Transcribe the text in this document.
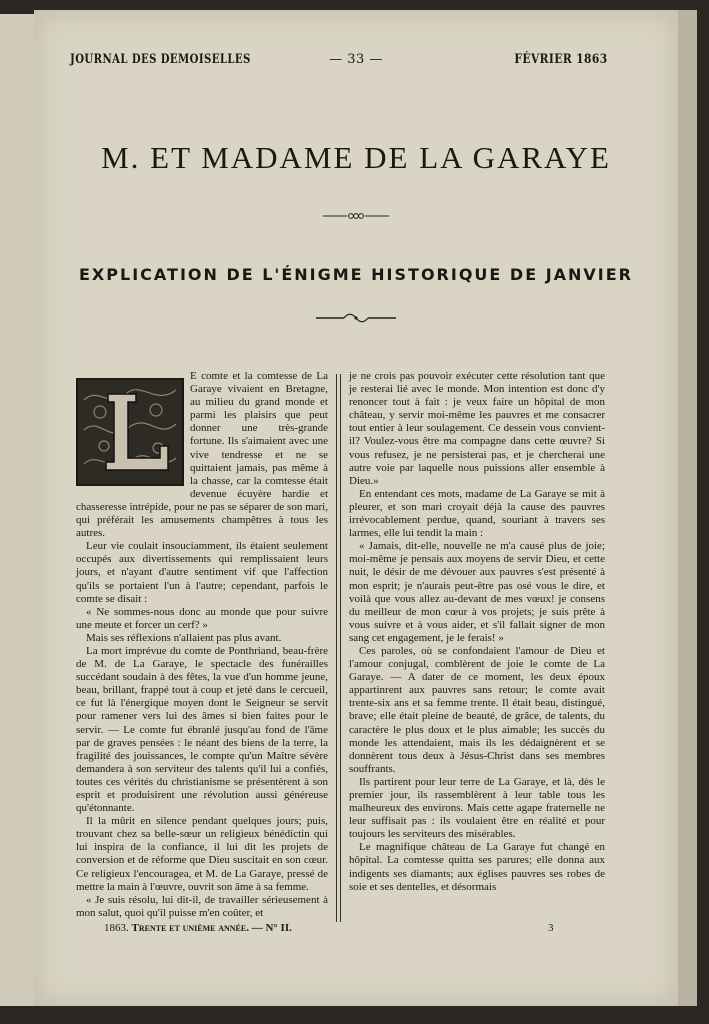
JOURNAL DES DEMOISELLES	— 33 —	FÉVRIER 1863
M. ET MADAME DE LA GARAYE
EXPLICATION DE L'ÉNIGME HISTORIQUE DE JANVIER
L

E comte et la comtesse de La Garaye vivaient en Bretagne, au milieu du grand monde et parmi les plaisirs que peut donner une très-grande fortune. Ils s'aimaient avec une vive tendresse et ne se quittaient jamais, pas même à la chasse, car la comtesse était devenue écuyère hardie et chasseresse intrépide, pour ne pas se séparer de son mari, qui préférait les amusements champêtres à tous les autres.

Leur vie coulait insouciamment, ils étaient seulement occupés aux divertissements qui remplissaient leurs jours, et n'ayant d'autre sentiment vif que l'affection qu'ils se portaient l'un à l'autre; cependant, parfois le comte se disait :

« Ne sommes-nous donc au monde que pour suivre une meute et forcer un cerf? »

Mais ses réflexions n'allaient pas plus avant.

La mort imprévue du comte de Ponthriand, beau-frère de M. de La Garaye, le spectacle des funérailles succédant soudain à des fêtes, la vue d'un homme jeune, beau, brillant, frappé tout à coup et jeté dans le cercueil, ce fut là l'énergique moyen dont le Seigneur se servit pour ramener vers lui des âmes si bien faites pour le servir. — Le comte fut ébranlé jusqu'au fond de l'âme par de graves pensées : le néant des biens de la terre, la fragilité des jouissances, le compte qu'un Maître sévère demandera à son serviteur des talents qu'il lui a confiés, toutes ces vérités du christianisme se présentèrent à son esprit et produisirent une révolution aussi généreuse qu'étonnante.

Il la mûrit en silence pendant quelques jours; puis, trouvant chez sa belle-sœur un religieux bénédictin qui lui inspira de la confiance, il lui dit les projets de conversion et de réforme que Dieu suscitait en son cœur. Ce religieux l'encouragea, et M. de La Garaye, pressé de mettre la main à l'œuvre, ouvrit son âme à sa femme.

« Je suis résolu, lui dit-il, de travailler sérieusement à mon salut, quoi qu'il puisse m'en coûter, et

je ne crois pas pouvoir exécuter cette résolution tant que je resterai lié avec le monde. Mon intention est donc d'y renoncer tout à fait : je veux faire un hôpital de mon château, y servir moi-même les pauvres et me consacrer tout entier à leur soulagement. Ce dessein vous convient-il? Voulez-vous être ma compagne dans cette œuvre? Si vous refusez, je ne persisterai pas, et je chercherai une autre voie par laquelle nous puissions aller ensemble à Dieu.»

En entendant ces mots, madame de La Garaye se mit à pleurer, et son mari croyait déjà la cause des pauvres irrévocablement perdue, quand, souriant à travers ses larmes, elle lui tendit la main :

« Jamais, dit-elle, nouvelle ne m'a causé plus de joie; moi-même je pensais aux moyens de servir Dieu, et cette nuit, le désir de me dévouer aux pauvres s'est présenté à mon esprit; je n'aurais peut-être pas osé vous le dire, et voilà que vous allez au-devant de mes vœux! je consens du meilleur de mon cœur à vos projets; je suis prête à vous suivre et à vous aider, et s'il fallait signer de mon sang cet engagement, je le ferais! »

Ces paroles, où se confondaient l'amour de Dieu et l'amour conjugal, comblèrent de joie le comte de La Garaye. — A dater de ce moment, les deux époux appartinrent aux pauvres sans retour; le comte avait trente-six ans et sa femme trente. Il était beau, distingué, brave; elle était pleine de beauté, de grâce, de talents, du caractère le plus doux et le plus aimable; les succès du monde les attendaient, mais ils les dédaignèrent et se donnèrent tous deux à Jésus-Christ dans ses membres souffrants.

Ils partirent pour leur terre de La Garaye, et là, dès le premier jour, ils rassemblèrent à leur table tous les malheureux des environs. Mais cette agape fraternelle ne leur suffisait pas : ils voulaient être en réalité et pour toujours les serviteurs des misérables.

Le magnifique château de La Garaye fut changé en hôpital. La comtesse quitta ses parures; elle donna aux indigents ses diamants; aux églises pauvres ses robes de soie et ses dentelles, et désormais

1863. Trente et unième année. — N° II.	3
